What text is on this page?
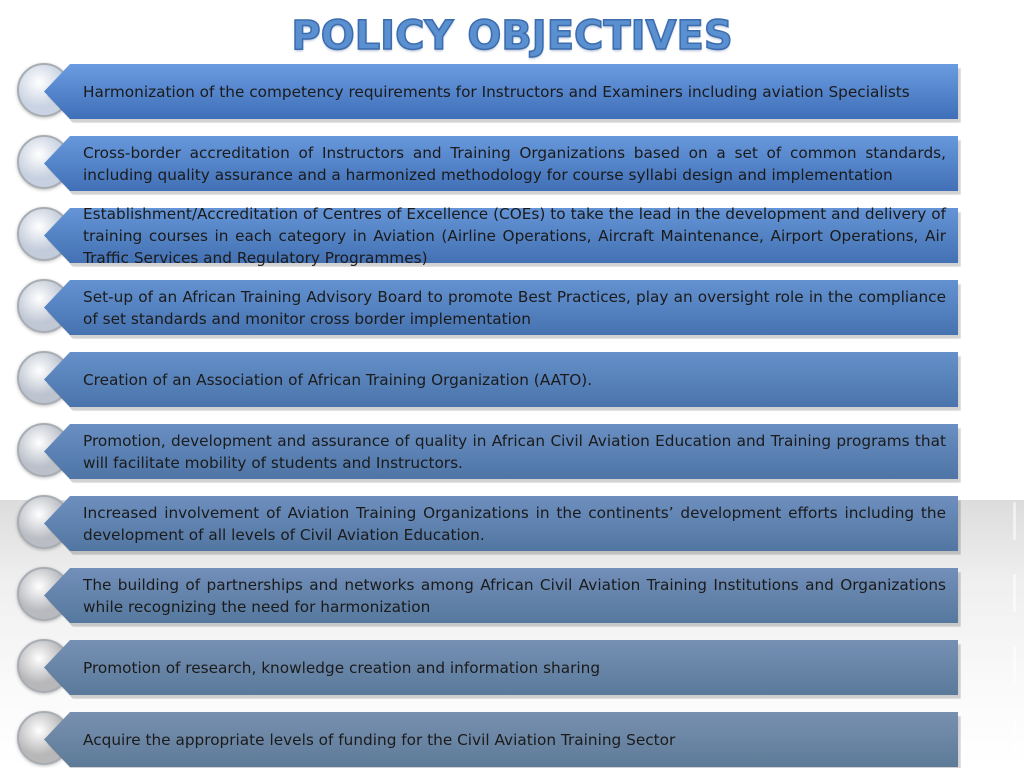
POLICY OBJECTIVES
Harmonization of the competency requirements for Instructors and Examiners including aviation Specialists
Cross-border accreditation of Instructors and Training Organizations based on a set of common standards, including quality assurance and a harmonized methodology for course syllabi design and implementation
Establishment/Accreditation of Centres of Excellence (COEs) to take the lead in the development and delivery of training courses in each category in Aviation (Airline Operations, Aircraft Maintenance, Airport Operations, Air Traffic Services and Regulatory Programmes)
Set-up of an African Training Advisory Board to promote Best Practices, play an oversight role in the compliance of set standards and monitor cross border implementation
Creation of an Association of African Training Organization (AATO).
Promotion, development and assurance of quality in African Civil Aviation Education and Training programs that will facilitate mobility of students and Instructors.
Increased involvement of Aviation Training Organizations in the continents’ development efforts including the development of all levels of Civil Aviation Education.
The building of partnerships and networks among African Civil Aviation Training Institutions and Organizations while recognizing the need for harmonization
Promotion of research, knowledge creation and information sharing
Acquire the appropriate levels of funding for the Civil Aviation Training Sector
